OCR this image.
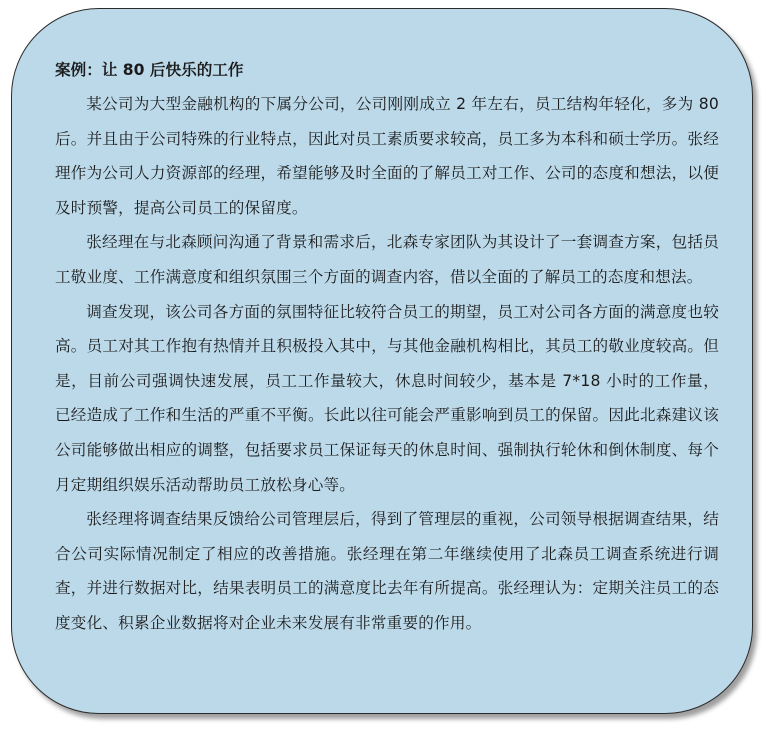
案例：让 80 后快乐的工作

某公司为大型金融机构的下属分公司，公司刚刚成立 2 年左右，员工结构年轻化，多为 80 后。并且由于公司特殊的行业特点，因此对员工素质要求较高，员工多为本科和硕士学历。张经理作为公司人力资源部的经理，希望能够及时全面的了解员工对工作、公司的态度和想法，以便及时预警，提高公司员工的保留度。

张经理在与北森顾问沟通了背景和需求后，北森专家团队为其设计了一套调查方案，包括员工敬业度、工作满意度和组织氛围三个方面的调查内容，借以全面的了解员工的态度和想法。

调查发现，该公司各方面的氛围特征比较符合员工的期望，员工对公司各方面的满意度也较高。员工对其工作抱有热情并且积极投入其中，与其他金融机构相比，其员工的敬业度较高。但是，目前公司强调快速发展，员工工作量较大，休息时间较少，基本是 7*18 小时的工作量，已经造成了工作和生活的严重不平衡。长此以往可能会严重影响到员工的保留。因此北森建议该公司能够做出相应的调整，包括要求员工保证每天的休息时间、强制执行轮休和倒休制度、每个月定期组织娱乐活动帮助员工放松身心等。

张经理将调查结果反馈给公司管理层后，得到了管理层的重视，公司领导根据调查结果，结合公司实际情况制定了相应的改善措施。张经理在第二年继续使用了北森员工调查系统进行调查，并进行数据对比，结果表明员工的满意度比去年有所提高。张经理认为：定期关注员工的态度变化、积累企业数据将对企业未来发展有非常重要的作用。
